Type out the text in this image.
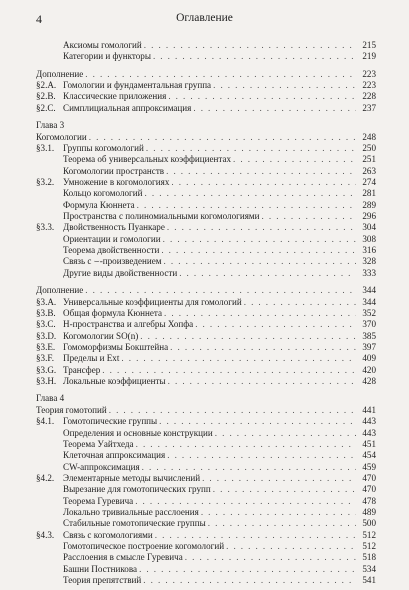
4	Оглавление
Аксиомы гомологий . . .	215
Категории и функторы . . .	219
Дополнение . . .	223
§2.A. Гомологии и фундаментальная группа . . .	223
§2.B. Классические приложения . . .	228
§2.C. Симплициальная аппроксимация . . .	237
Глава 3
Когомологии . . .	248
§3.1. Группы когомологий . . .	250
Теорема об универсальных коэффициентах . . .	251
Когомологии пространств . . .	263
§3.2. Умножение в когомологиях . . .	274
Кольцо когомологий . . .	281
Формула Кюннета . . .	289
Пространства с полиномиальными когомологиями . . .	296
§3.3. Двойственность Пуанкаре . . .	304
Ориентации и гомологии . . .	308
Теорема двойственности . . .	316
Связь с ⌣-произведением . . .	328
Другие виды двойственности . . .	333
Дополнение . . .	344
§3.A. Универсальные коэффициенты для гомологий . . .	344
§3.B. Общая формула Кюннета . . .	352
§3.C. H-пространства и алгебры Хопфа . . .	370
§3.D. Когомологии SO(n) . . .	385
§3.E. Гомоморфизмы Бокштейна . . .	397
§3.F. Пределы и Ext . . .	409
§3.G. Трансфер . . .	420
§3.H. Локальные коэффициенты . . .	428
Глава 4
Теория гомотопий . . .	441
§4.1. Гомотопические группы . . .	443
Определения и основные конструкции . . .	443
Теорема Уайтхеда . . .	451
Клеточная аппроксимация . . .	454
CW-аппроксимация . . .	459
§4.2. Элементарные методы вычислений . . .	470
Вырезание для гомотопических групп . . .	470
Теорема Гуревича . . .	478
Локально тривиальные расслоения . . .	489
Стабильные гомотопические группы . . .	500
§4.3. Связь с когомологиями . . .	512
Гомотопическое построение когомологий . . .	512
Расслоения в смысле Гуревича . . .	518
Башни Постникова . . .	534
Теория препятствий . . .	541
